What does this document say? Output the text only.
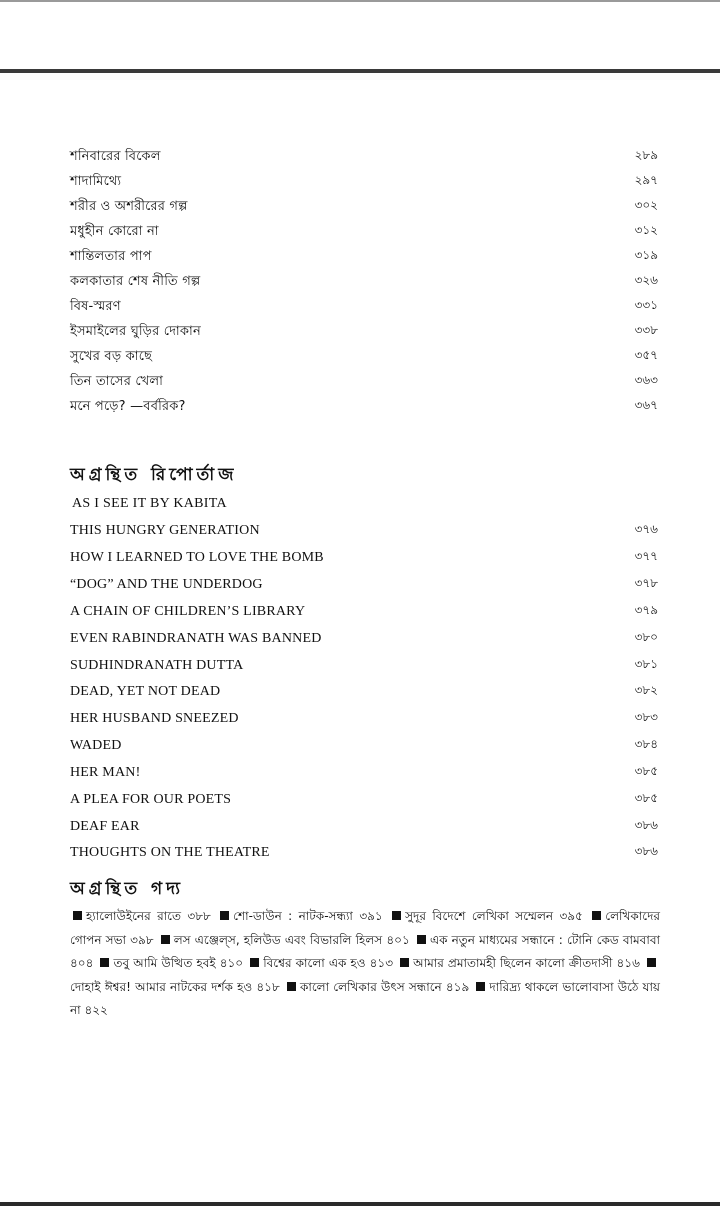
শনিবারের বিকেল	২৮৯
শাদামিথ্যে	২৯৭
শরীর ও অশরীরের গল্প	৩০২
মধুহীন কোরো না	৩১২
শান্তিলতার পাপ	৩১৯
কলকাতার শেষ নীতি গল্প	৩২৬
বিষ-স্মরণ	৩৩১
ইসমাইলের ঘুড়ির দোকান	৩৩৮
সুখের বড় কাছে	৩৫৭
তিন তাসের খেলা	৩৬৩
মনে পড়ে? —বর্বরিক?	৩৬৭
অগ্রন্থিত রিপোর্তাজ
AS I SEE IT BY KABITA
THIS HUNGRY GENERATION	৩৭৬
HOW I LEARNED TO LOVE THE BOMB	৩৭৭
“DOG” AND THE UNDERDOG	৩৭৮
A CHAIN OF CHILDREN’S LIBRARY	৩৭৯
EVEN RABINDRANATH WAS BANNED	৩৮০
SUDHINDRANATH DUTTA	৩৮১
DEAD, YET NOT DEAD	৩৮২
HER HUSBAND SNEEZED	৩৮৩
WADED	৩৮৪
HER MAN!	৩৮৫
A PLEA FOR OUR POETS	৩৮৫
DEAF EAR	৩৮৬
THOUGHTS ON THE THEATRE	৩৮৬
অগ্রন্থিত গদ্য
হ্যালোউইনের রাতে ৩৮৮ শো-ডাউন : নাটক-সন্ধ্যা ৩৯১ সুদূর বিদেশে লেখিকা সম্মেলন ৩৯৫ লেখিকাদের গোপন সভা ৩৯৮ লস এঞ্জেল্‌স, হলিউড এবং বিভারলি হিলস ৪০১ এক নতুন মাধ্যমের সন্ধানে : টোনি কেড বামবাবা ৪০৪ তবু আমি উত্থিত হবই ৪১০ বিশ্বের কালো এক হও ৪১৩ আমার প্রমাতামহী ছিলেন কালো ক্রীতদাসী ৪১৬ দোহাই ঈশ্বর! আমার নাটকের দর্শক হও ৪১৮ কালো লেখিকার উৎস সন্ধানে ৪১৯ দারিদ্র্য থাকলে ভালোবাসা উঠে যায় না ৪২২
